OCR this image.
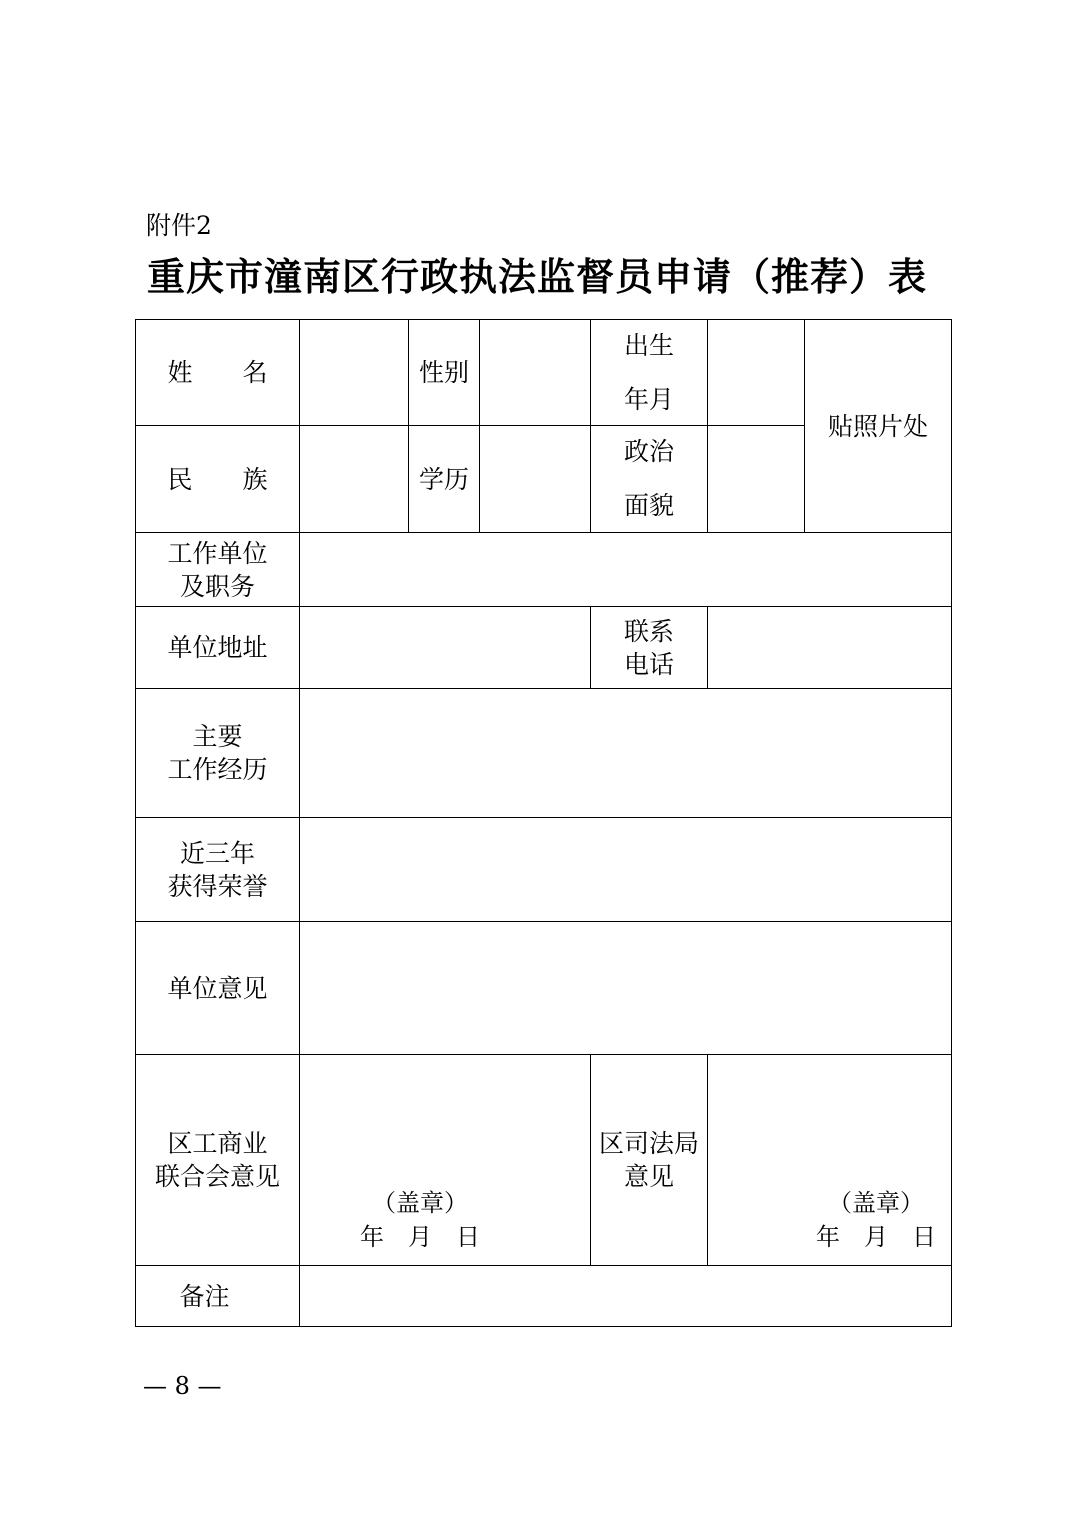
附件2
重庆市潼南区行政执法监督员申请（推荐）表
姓　　名	性别
出生
年月
贴照片处
民　　族	学历
政治
面貌
工作单位
及职务
单位地址
联系
电话
主要
工作经历
近三年
获得荣誉
单位意见
区工商业
联合会意见
区司法局
意见
（盖章）
年　月　日
（盖章）
年　月　日
备注
— 8 —
